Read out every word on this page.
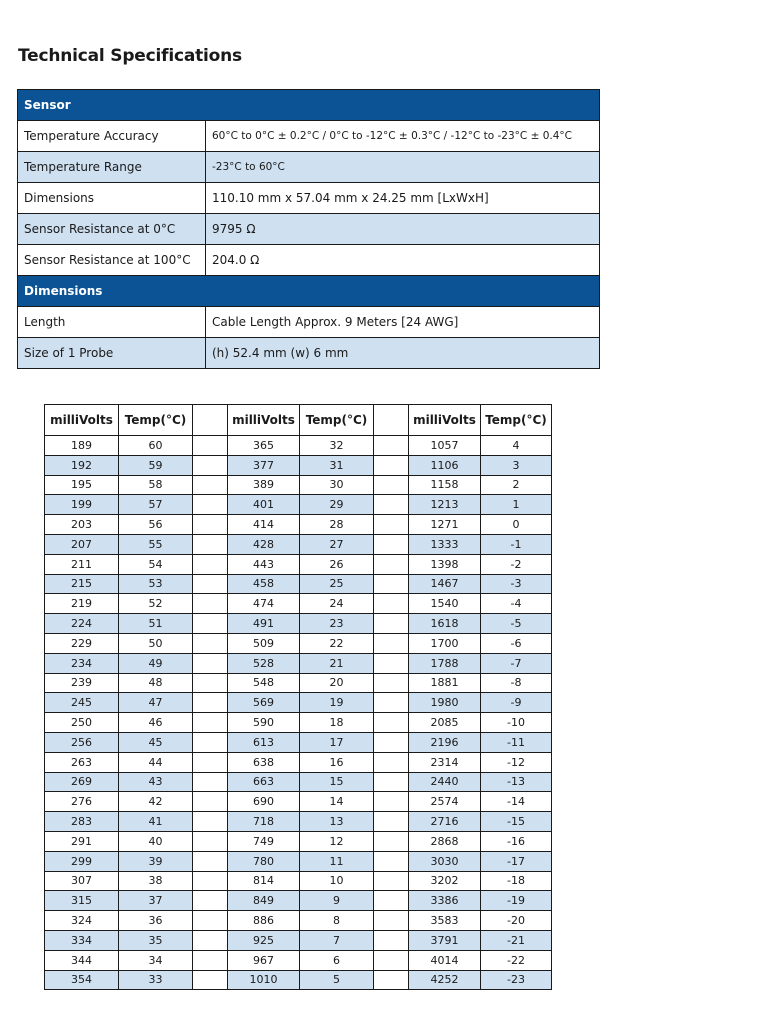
Technical Specifications
Sensor	
Temperature Accuracy	60°C to 0°C ± 0.2°C / 0°C to -12°C ± 0.3°C / -12°C to -23°C ± 0.4°C
Temperature Range	-23°C to 60°C
Dimensions	110.10 mm x 57.04 mm x 24.25 mm [LxWxH]
Sensor Resistance at 0°C	9795 Ω
Sensor Resistance at 100°C	204.0 Ω
Dimensions	
Length	Cable Length Approx. 9 Meters [24 AWG]
Size of 1 Probe	(h) 52.4 mm (w) 6 mm
milliVolts	Temp(°C)		milliVolts	Temp(°C)		milliVolts	Temp(°C)
189	60		365	32		1057	4
192	59		377	31		1106	3
195	58		389	30		1158	2
199	57		401	29		1213	1
203	56		414	28		1271	0
207	55		428	27		1333	-1
211	54		443	26		1398	-2
215	53		458	25		1467	-3
219	52		474	24		1540	-4
224	51		491	23		1618	-5
229	50		509	22		1700	-6
234	49		528	21		1788	-7
239	48		548	20		1881	-8
245	47		569	19		1980	-9
250	46		590	18		2085	-10
256	45		613	17		2196	-11
263	44		638	16		2314	-12
269	43		663	15		2440	-13
276	42		690	14		2574	-14
283	41		718	13		2716	-15
291	40		749	12		2868	-16
299	39		780	11		3030	-17
307	38		814	10		3202	-18
315	37		849	9		3386	-19
324	36		886	8		3583	-20
334	35		925	7		3791	-21
344	34		967	6		4014	-22
354	33		1010	5		4252	-23
